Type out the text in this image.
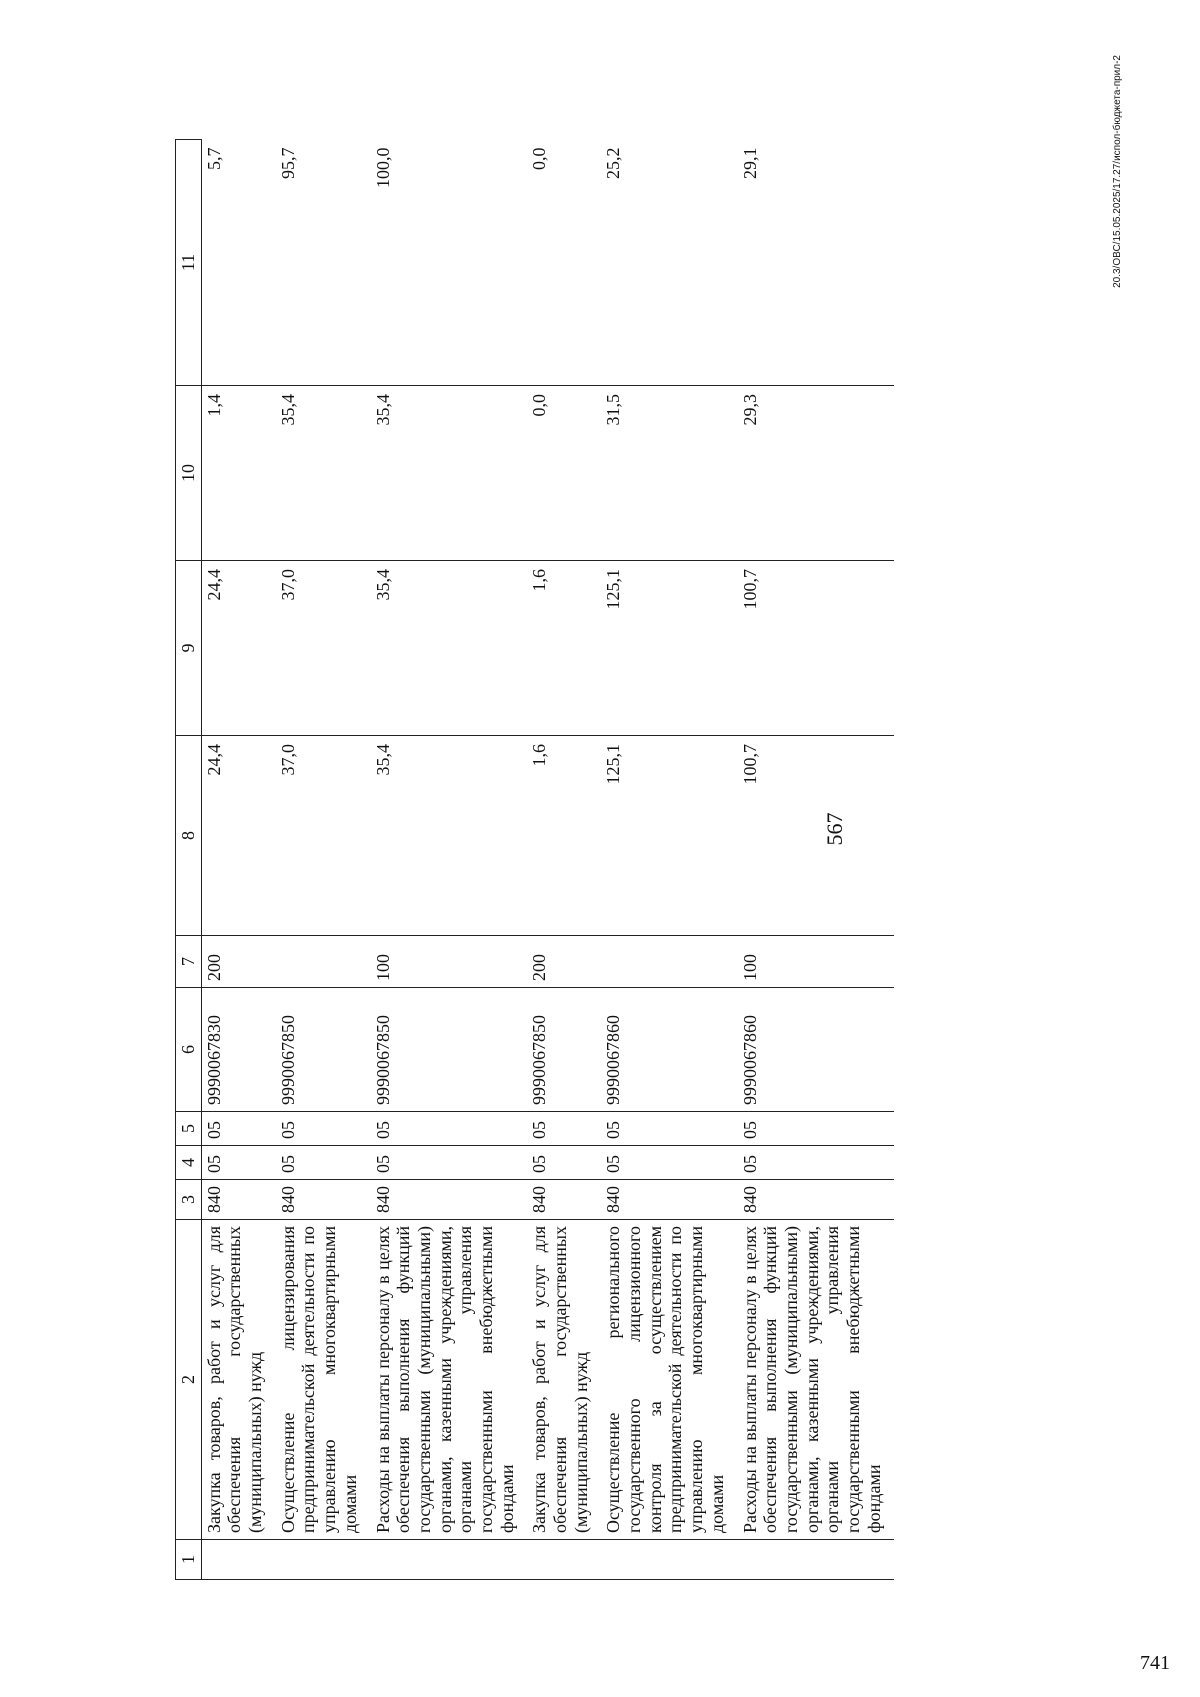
567
1	2	3	4	5	6	7	8	9	10	11
	Закупка товаров, работ и услуг для обеспечения государственных (муниципальных) нужд	840	05	05	9990067830	200	24,4	24,4	1,4	5,7
	Осуществление лицензирования предпринимательской деятельности по управлению многоквартирными домами	840	05	05	9990067850		37,0	37,0	35,4	95,7
	Расходы на выплаты персоналу в целях обеспечения выполнения функций государственными (муниципальными) органами, казенными учреждениями, органами управления государственными внебюджетными фондами	840	05	05	9990067850	100	35,4	35,4	35,4	100,0
	Закупка товаров, работ и услуг для обеспечения государственных (муниципальных) нужд	840	05	05	9990067850	200	1,6	1,6	0,0	0,0
	Осуществление регионального государственного лицензионного контроля за осуществлением предпринимательской деятельности по управлению многоквартирными домами	840	05	05	9990067860		125,1	125,1	31,5	25,2
	Расходы на выплаты персоналу в целях обеспечения выполнения функций государственными (муниципальными) органами, казенными учреждениями, органами управления государственными внебюджетными фондами	840	05	05	9990067860	100	100,7	100,7	29,3	29,1	20.3/ОВС/15.05.2025/17.27/испол-бюджета-прил-2
741
